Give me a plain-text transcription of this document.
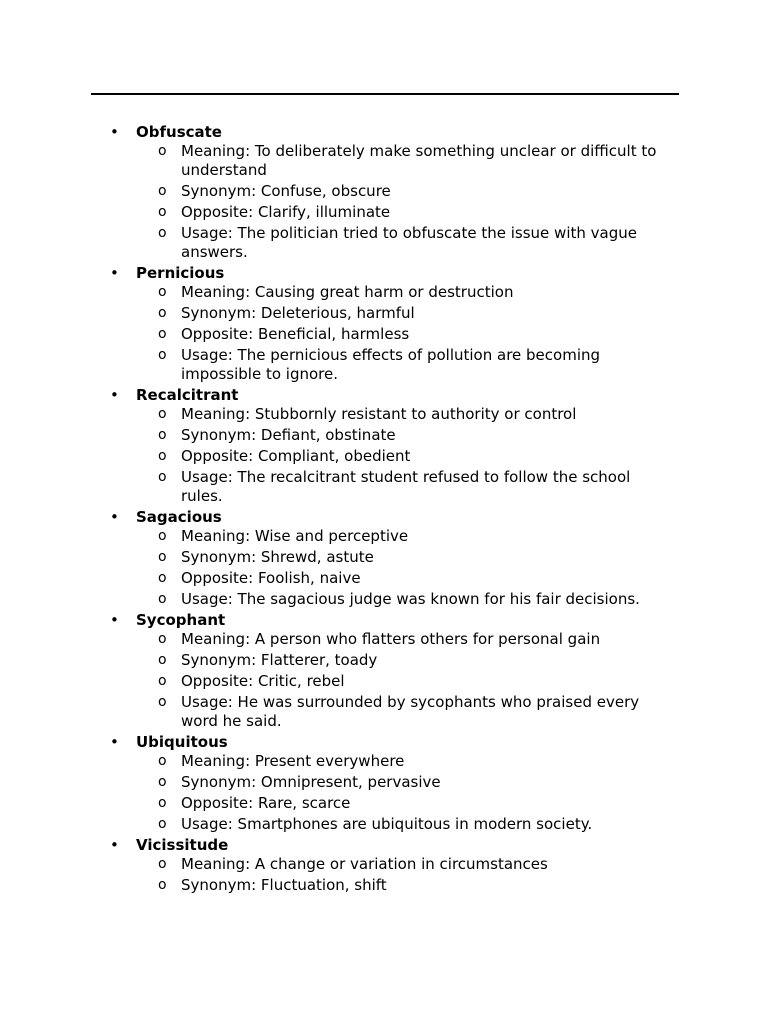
•	Obfuscate
o Meaning: To deliberately make something unclear or difficult to understand
o Synonym: Confuse, obscure
o Opposite: Clarify, illuminate
o Usage: The politician tried to obfuscate the issue with vague answers.
•	Pernicious
o Meaning: Causing great harm or destruction
o Synonym: Deleterious, harmful
o Opposite: Beneficial, harmless
o Usage: The pernicious effects of pollution are becoming impossible to ignore.
•	Recalcitrant
o Meaning: Stubbornly resistant to authority or control
o Synonym: Defiant, obstinate
o Opposite: Compliant, obedient
o Usage: The recalcitrant student refused to follow the school rules.
•	Sagacious
o Meaning: Wise and perceptive
o Synonym: Shrewd, astute
o Opposite: Foolish, naive
o Usage: The sagacious judge was known for his fair decisions.
•	Sycophant
o Meaning: A person who flatters others for personal gain
o Synonym: Flatterer, toady
o Opposite: Critic, rebel
o Usage: He was surrounded by sycophants who praised every word he said.
•	Ubiquitous
o Meaning: Present everywhere
o Synonym: Omnipresent, pervasive
o Opposite: Rare, scarce
o Usage: Smartphones are ubiquitous in modern society.
•	Vicissitude
o Meaning: A change or variation in circumstances
o Synonym: Fluctuation, shift
